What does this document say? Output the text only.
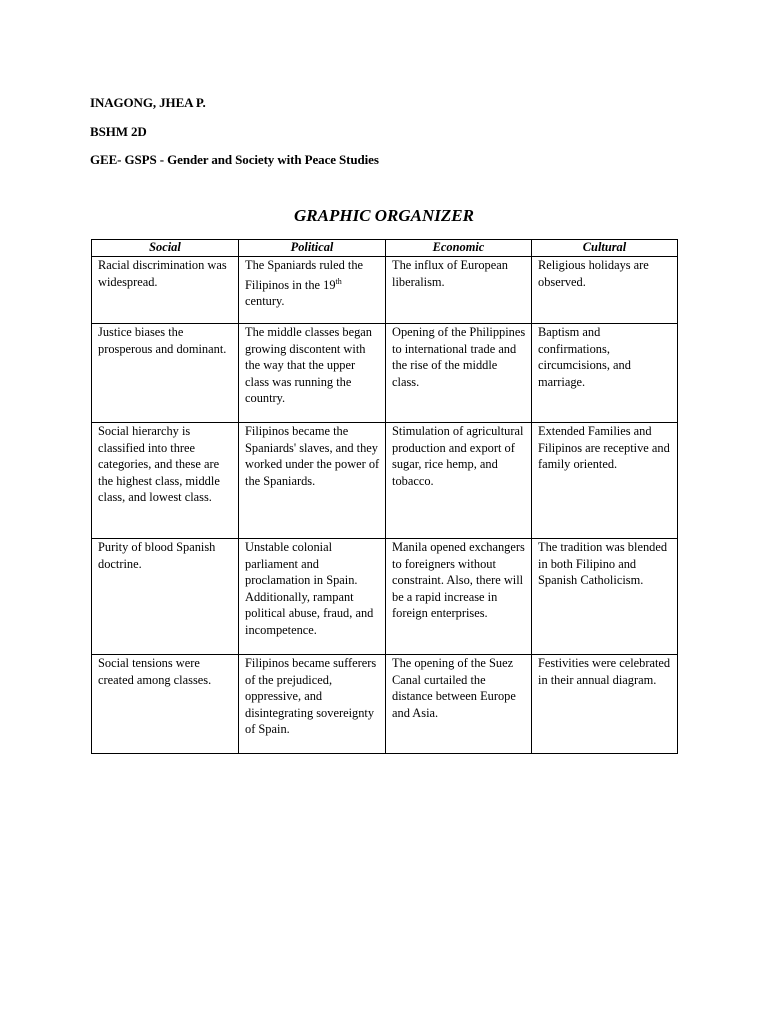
INAGONG, JHEA P.
BSHM 2D
GEE- GSPS - Gender and Society with Peace Studies
GRAPHIC ORGANIZER
Social	Political	Economic	Cultural
Racial discrimination was widespread.	The Spaniards ruled the Filipinos in the 19th century.	The influx of European liberalism.	Religious holidays are observed.
Justice biases the prosperous and dominant.	The middle classes began growing discontent with the way that the upper class was running the country.	Opening of the Philippines to international trade and the rise of the middle class.	Baptism and confirmations, circumcisions, and marriage.
Social hierarchy is classified into three categories, and these are the highest class, middle class, and lowest class.	Filipinos became the Spaniards' slaves, and they worked under the power of the Spaniards.	Stimulation of agricultural production and export of sugar, rice hemp, and tobacco.	Extended Families and Filipinos are receptive and family oriented.
Purity of blood Spanish doctrine.	Unstable colonial parliament and proclamation in Spain. Additionally, rampant political abuse, fraud, and incompetence.	Manila opened exchangers to foreigners without constraint. Also, there will be a rapid increase in foreign enterprises.	The tradition was blended in both Filipino and Spanish Catholicism.
Social tensions were created among classes.	Filipinos became sufferers of the prejudiced, oppressive, and disintegrating sovereignty of Spain.	The opening of the Suez Canal curtailed the distance between Europe and Asia.	Festivities were celebrated in their annual diagram.
